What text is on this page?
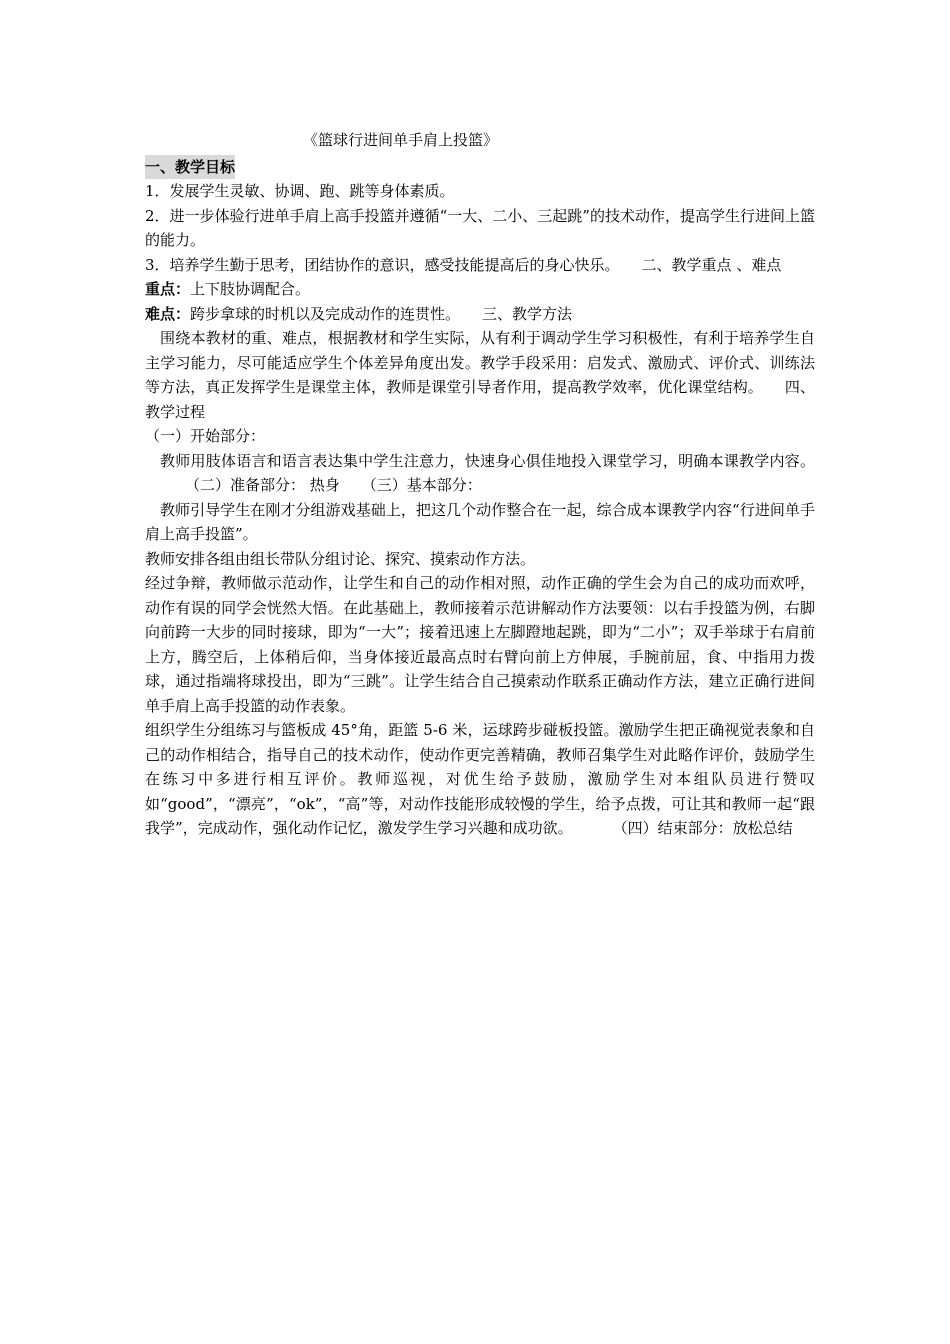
《篮球行进间单手肩上投篮》
一、教学目标

1．发展学生灵敏、协调、跑、跳等身体素质。

2．进一步体验行进单手肩上高手投篮并遵循“一大、二小、三起跳”的技术动作，提高学生行进间上篮的能力。

3．培养学生勤于思考，团结协作的意识，感受技能提高后的身心快乐。 二、教学重点 、难点

重点：上下肢协调配合。

难点：跨步拿球的时机以及完成动作的连贯性。 三、教学方法

围绕本教材的重、难点，根据教材和学生实际，从有利于调动学生学习积极性，有利于培养学生自主学习能力，尽可能适应学生个体差异角度出发。教学手段采用：启发式、激励式、评价式、训练法等方法，真正发挥学生是课堂主体，教师是课堂引导者作用，提高教学效率，优化课堂结构。 四、教学过程

（一）开始部分：

教师用肢体语言和语言表达集中学生注意力，快速身心俱佳地投入课堂学习，明确本课教学内容。（二）准备部分： 热身 （三）基本部分：

教师引导学生在刚才分组游戏基础上，把这几个动作整合在一起，综合成本课教学内容“行进间单手肩上高手投篮”。

教师安排各组由组长带队分组讨论、探究、摸索动作方法。

经过争辩，教师做示范动作，让学生和自己的动作相对照，动作正确的学生会为自己的成功而欢呼，动作有误的同学会恍然大悟。在此基础上，教师接着示范讲解动作方法要领：以右手投篮为例，右脚向前跨一大步的同时接球，即为“一大”；接着迅速上左脚蹬地起跳，即为“二小”；双手举球于右肩前上方，腾空后，上体稍后仰，当身体接近最高点时右臂向前上方伸展，手腕前屈，食、中指用力拨球，通过指端将球投出，即为“三跳”。让学生结合自己摸索动作联系正确动作方法，建立正确行进间单手肩上高手投篮的动作表象。

组织学生分组练习与篮板成 45°角，距篮 5-6 米，运球跨步碰板投篮。激励学生把正确视觉表象和自己的动作相结合，指导自己的技术动作，使动作更完善精确，教师召集学生对此略作评价，鼓励学生在练习中多进行相互评价。教师巡视，对优生给予鼓励，激励学生对本组队员进行赞叹如“good”，“漂亮”，“ok”，“高”等，对动作技能形成较慢的学生，给予点拨，可让其和教师一起“跟我学”，完成动作，强化动作记忆，激发学生学习兴趣和成功欲。	（四）结束部分：放松总结
